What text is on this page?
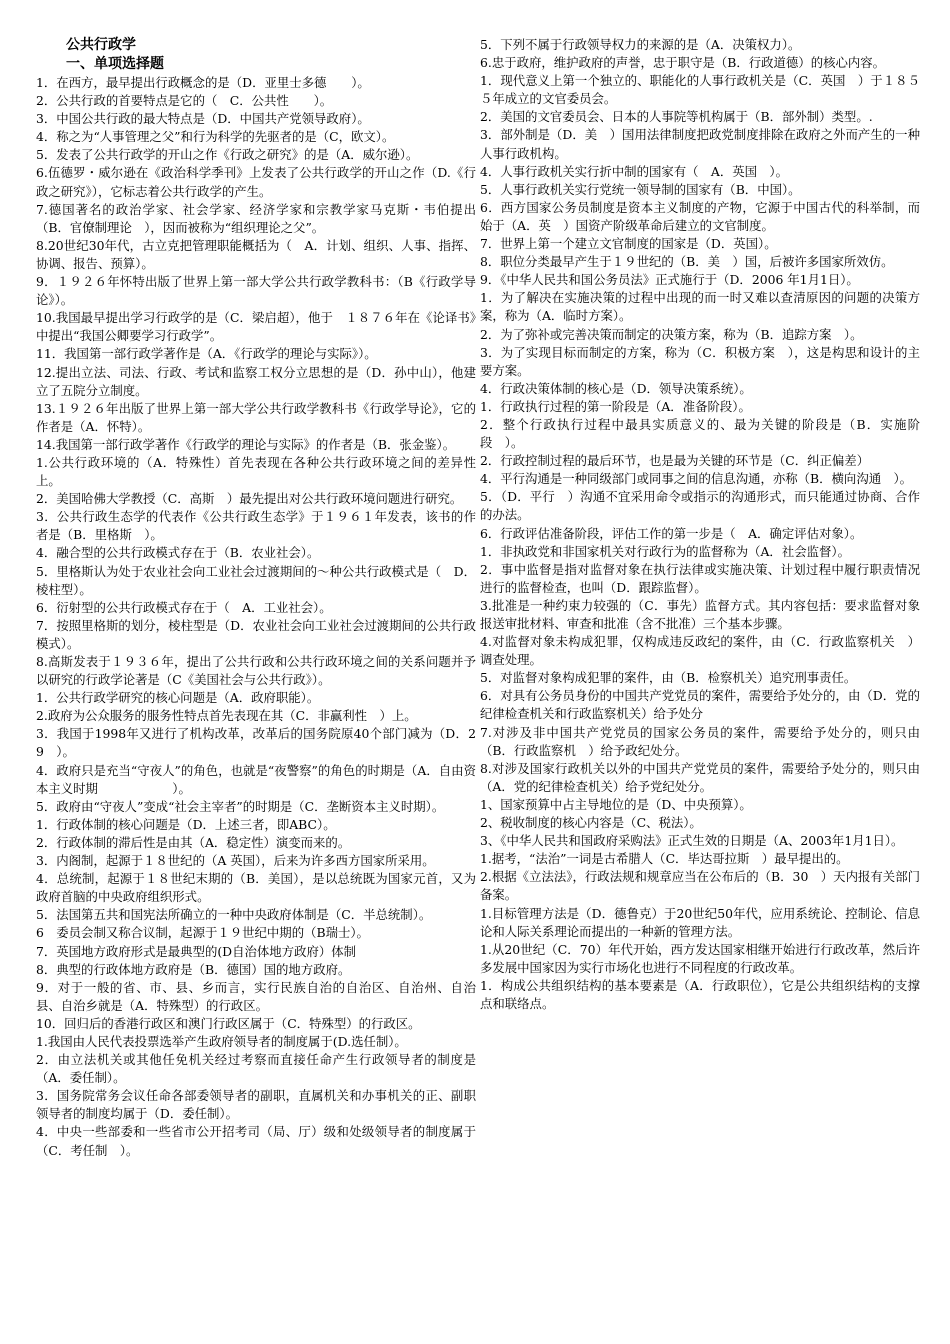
公共行政学
一、单项选择题

1．在西方，最早提出行政概念的是（D．亚里士多德　　）。

2．公共行政的首要特点是它的（　C．公共性　　）。

3．中国公共行政的最大特点是（D．中国共产党领导政府）。

4．称之为“人事管理之父”和行为科学的先驱者的是（C，欧文）。

5．发表了公共行政学的开山之作《行政之研究》的是（A．威尔逊）。

6.伍德罗・威尔逊在《政治科学季刊》上发表了公共行政学的开山之作（D.《行政之研究》），它标志着公共行政学的产生。

7.德国著名的政治学家、社会学家、经济学家和宗教学家马克斯・韦伯提出（B．官僚制理论　），因而被称为“组织理论之父”。

8.20世纪30年代，古立克把管理职能概括为（　A．计划、组织、人事、指挥、协调、报告、预算）。

9．１９２６年怀特出版了世界上第一部大学公共行政学教科书：（B《行政学导论》）。

10.我国最早提出学习行政学的是（C．梁启超），他于　１８７６年在《论译书》中提出“我国公卿要学习行政学”。

11．我国第一部行政学著作是（A．《行政学的理论与实际》）。

12.提出立法、司法、行政、考试和监察工权分立思想的是（D．孙中山），他建立了五院分立制度。

13.１９２６年出版了世界上第一部大学公共行政学教科书《行政学导论》，它的作者是（A．怀特）。

14.我国第一部行政学著作《行政学的理论与实际》的作者是（B．张金鉴）。

1.公共行政环境的（A．特殊性）首先表现在各种公共行政环境之间的差异性上。

2．美国哈佛大学教授（C．高斯　）最先提出对公共行政环境问题进行研究。

3．公共行政生态学的代表作《公共行政生态学》于１９６１年发表，该书的作者是（B．里格斯　）。

4．融合型的公共行政模式存在于（B．农业社会）。

5．里格斯认为处于农业社会向工业社会过渡期间的～种公共行政模式是（　D．棱柱型）。

6．衍射型的公共行政模式存在于（　A．工业社会）。

7．按照里格斯的划分，棱柱型是（D．农业社会向工业社会过渡期间的公共行政模式）。

8.高斯发表于１９３６年，提出了公共行政和公共行政环境之间的关系问题并予以研究的行政学论著是（C《美国社会与公共行政》）。

1．公共行政学研究的核心问题是（A．政府职能）。

2.政府为公众服务的服务性特点首先表现在其（C．非赢利性　）上。

3．我国于1998年又进行了机构改革，改革后的国务院原40个部门减为（D．29　）。

4．政府只是充当“守夜人”的角色，也就是“夜警察”的角色的时期是（A．自由资本主义时期　　　　　　）。

5．政府由“守夜人”变成“社会主宰者”的时期是（C．垄断资本主义时期）。

1．行政体制的核心问题是（D．上述三者，即ABC）。

2．行政体制的滞后性是由其（A．稳定性）演变而来的。

3．内阁制，起源于１８世纪的（A 英国），后来为许多西方国家所采用。

4．总统制，起源于１８世纪末期的（B．美国），是以总统既为国家元首，又为政府首脑的中央政府组织形式。

5．法国第五共和国宪法所确立的一种中央政府体制是（C．半总统制）。

6　委员会制又称合议制，起源于１９世纪中期的（B瑞士）。

7．英国地方政府形式是最典型的(D自治体地方政府）体制

8．典型的行政体地方政府是（B．德国）国的地方政府。

9．对于一般的省、市、县、乡而言，实行民族自治的自治区、自治州、自治县、自治乡就是（A．特殊型）的行政区。

10．回归后的香港行政区和澳门行政区属于（C．特殊型）的行政区。

1.我国由人民代表投票选举产生政府领导者的制度属于(D.选任制）。

2．由立法机关或其他任免机关经过考察而直接任命产生行政领导者的制度是（A．委任制）。

3．国务院常务会议任命各部委领导者的副职，直属机关和办事机关的正、副职领导者的制度均属于（D．委任制）。

4．中央一些部委和一些省市公开招考司（局、厅）级和处级领导者的制度属于（C．考任制　）。

5．下列不属于行政领导权力的来源的是（A．决策权力）。

6.忠于政府，维护政府的声誉，忠于职守是（B．行政道德）的核心内容。

1．现代意义上第一个独立的、职能化的人事行政机关是（C．英国　）于１８５５年成立的文官委员会。

2．美国的文官委员会、日本的人事院等机构属于（B．部外制）类型。.

3．部外制是（D．美　）国用法律制度把政党制度排除在政府之外而产生的一种人事行政机构。

4．人事行政机关实行折中制的国家有（　A．英国　）。

5．人事行政机关实行党统一领导制的国家有（B．中国）。

6．西方国家公务员制度是资本主义制度的产物，它源于中国古代的科举制，而始于（A．英　）国资产阶级革命后建立的文官制度。

7．世界上第一个建立文官制度的国家是（D．英国）。

8．职位分类最早产生于１９世纪的（B．美　）国，后被许多国家所效仿。

9．《中华人民共和国公务员法》正式施行于（D．2006 年1月1日）。

1．为了解决在实施决策的过程中出现的而一时又难以查清原因的问题的决策方案，称为（A．临时方案）。

2．为了弥补或完善决策而制定的决策方案，称为（B．追踪方案　）。

3．为了实现目标而制定的方案，称为（C．积极方案　），这是构思和设计的主要方案。

4．行政决策体制的核心是（D．领导决策系统）。

1．行政执行过程的第一阶段是（A．准备阶段）。

2．整个行政执行过程中最具实质意义的、最为关键的阶段是（B．实施阶段　）。

2．行政控制过程的最后环节，也是最为关键的环节是（C．纠正偏差）

4．平行沟通是一种同级部门或同事之间的信息沟通，亦称（B．横向沟通　）。

5．（D．平行　）沟通不宜采用命令或指示的沟通形式，而只能通过协商、合作的办法。

6．行政评估准备阶段，评估工作的第一步是（　A．确定评估对象）。

1．非执政党和非国家机关对行政行为的监督称为（A．社会监督）。

2．事中监督是指对监督对象在执行法律或实施决策、计划过程中履行职责情况进行的监督检查，也叫（D．跟踪监督）。

3.批准是一种约束力较强的（C．事先）监督方式。其内容包括：要求监督对象报送审批材料、审查和批准（含不批准）三个基本步骤。

4.对监督对象未构成犯罪，仅构成违反政纪的案件，由（C．行政监察机关　）调查处理。

5．对监督对象构成犯罪的案件，由（B．检察机关）追究刑事责任。

6．对具有公务员身份的中国共产党党员的案件，需要给予处分的，由（D．党的纪律检查机关和行政监察机关）给予处分

7.对涉及非中国共产党党员的国家公务员的案件，需要给予处分的，则只由（B．行政监察机　）给予政纪处分。

8.对涉及国家行政机关以外的中国共产党党员的案件，需要给予处分的，则只由（A．党的纪律检查机关）给予党纪处分。

1、国家预算中占主导地位的是（D、中央预算）。

2、税收制度的核心内容是（C、税法）。

3、《中华人民共和国政府采购法》正式生效的日期是（A、2003年1月1日）。

1.据考，“法治”一词是古希腊人（C．毕达哥拉斯　）最早提出的。

2.根据《立法法》，行政法规和规章应当在公布后的（B．30　）天内报有关部门备案。

1.目标管理方法是（D．德鲁克）于20世纪50年代，应用系统论、控制论、信息论和人际关系理论而提出的一种新的管理方法。

1.从20世纪（C．70）年代开始，西方发达国家相继开始进行行政改革，然后许多发展中国家因为实行市场化也进行不同程度的行政改革。

1．构成公共组织结构的基本要素是（A．行政职位），它是公共组织结构的支撑点和联络点。
